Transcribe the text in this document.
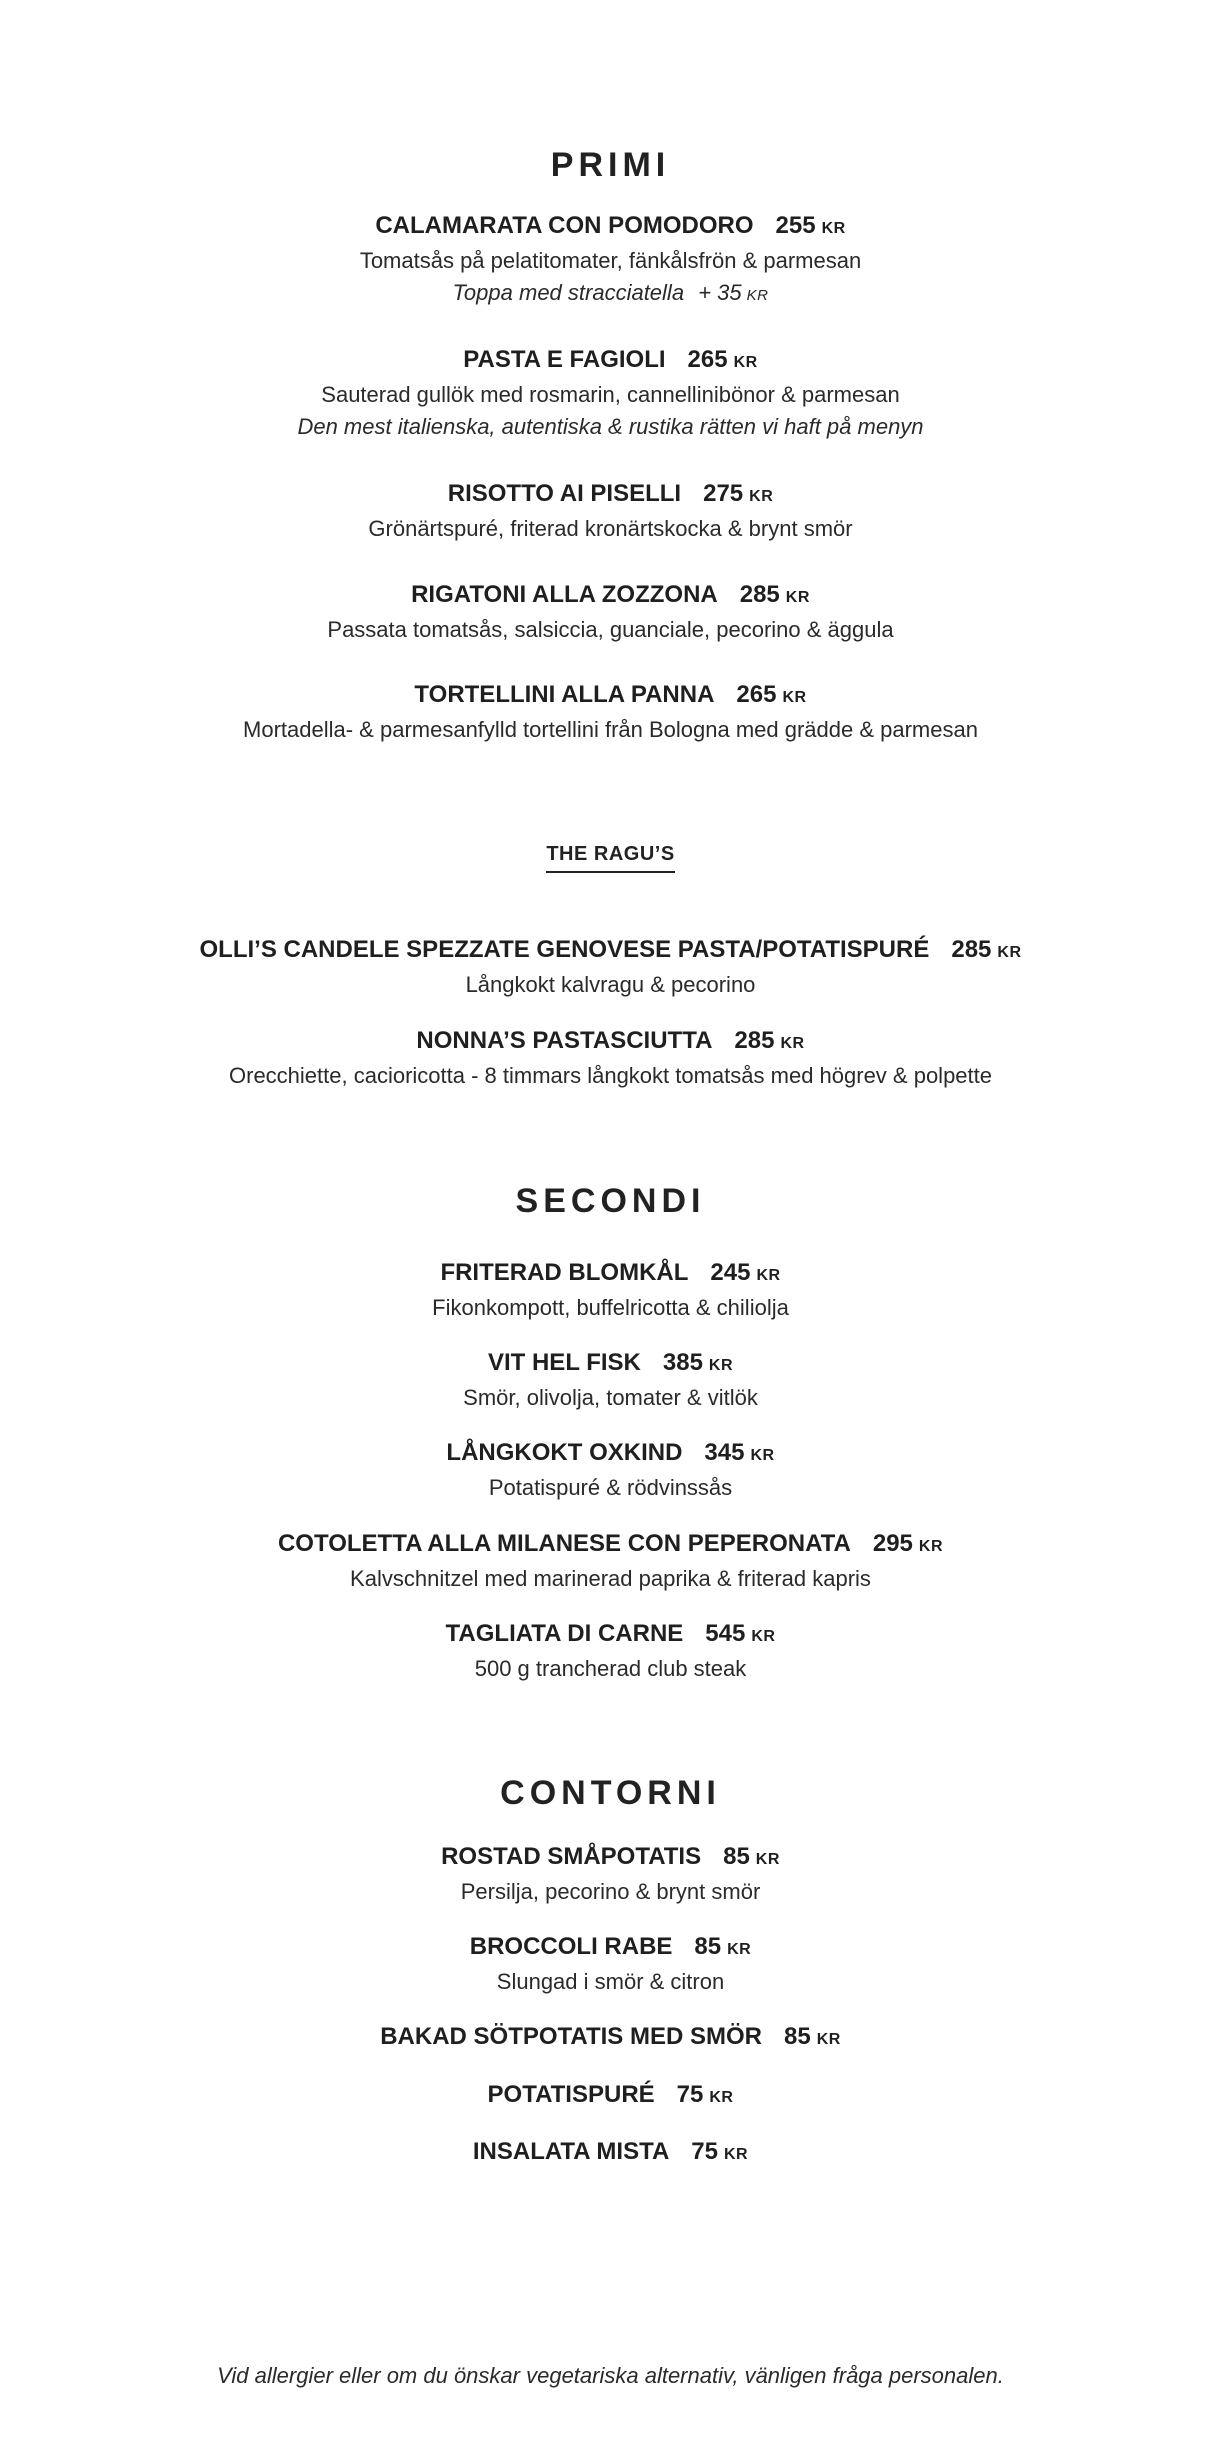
PRIMI
CALAMARATA CON POMODORO 255 KR
Tomatsås på pelatitomater, fänkålsfrön & parmesan
Toppa med stracciatella + 35 KR
PASTA E FAGIOLI 265 KR
Sauterad gullök med rosmarin, cannellinibönor & parmesan
Den mest italienska, autentiska & rustika rätten vi haft på menyn
RISOTTO AI PISELLI 275 KR
Grönärtspuré, friterad kronärtskocka & brynt smör
RIGATONI ALLA ZOZZONA 285 KR
Passata tomatsås, salsiccia, guanciale, pecorino & äggula
TORTELLINI ALLA PANNA 265 KR
Mortadella- & parmesanfylld tortellini från Bologna med grädde & parmesan
THE RAGU’S
OLLI’S CANDELE SPEZZATE GENOVESE PASTA/POTATISPURÉ 285 KR
Långkokt kalvragu & pecorino
NONNA’S PASTASCIUTTA 285 KR
Orecchiette, cacioricotta - 8 timmars långkokt tomatsås med högrev & polpette
SECONDI
FRITERAD BLOMKÅL 245 KR
Fikonkompott, buffelricotta & chiliolja
VIT HEL FISK 385 KR
Smör, olivolja, tomater & vitlök
LÅNGKOKT OXKIND 345 KR
Potatispuré & rödvinssås
COTOLETTA ALLA MILANESE CON PEPERONATA 295 KR
Kalvschnitzel med marinerad paprika & friterad kapris
TAGLIATA DI CARNE 545 KR
500 g trancherad club steak
CONTORNI
ROSTAD SMÅPOTATIS 85 KR
Persilja, pecorino & brynt smör
BROCCOLI RABE 85 KR
Slungad i smör & citron
BAKAD SÖTPOTATIS MED SMÖR 85 KR
POTATISPURÉ 75 KR
INSALATA MISTA 75 KR

Vid allergier eller om du önskar vegetariska alternativ, vänligen fråga personalen.
